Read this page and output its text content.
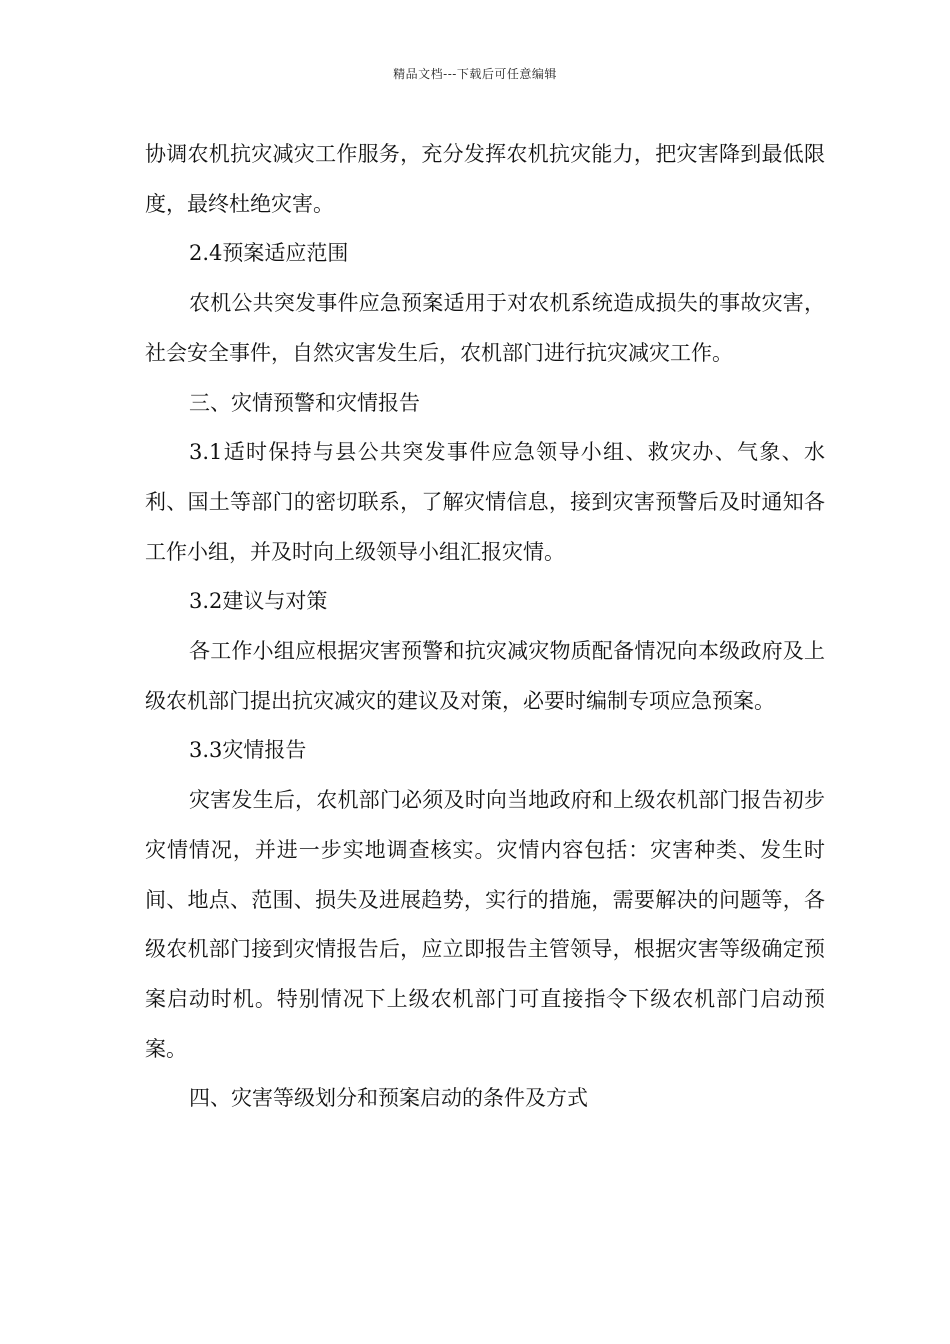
精品文档---下载后可任意编辑

协调农机抗灾减灾工作服务，充分发挥农机抗灾能力，把灾害降到最低限度，最终杜绝灾害。

2.4预案适应范围

农机公共突发事件应急预案适用于对农机系统造成损失的事故灾害，社会安全事件，自然灾害发生后，农机部门进行抗灾减灾工作。

三、灾情预警和灾情报告

3.1适时保持与县公共突发事件应急领导小组、救灾办、气象、水利、国土等部门的密切联系，了解灾情信息，接到灾害预警后及时通知各工作小组，并及时向上级领导小组汇报灾情。

3.2建议与对策

各工作小组应根据灾害预警和抗灾减灾物质配备情况向本级政府及上级农机部门提出抗灾减灾的建议及对策，必要时编制专项应急预案。

3.3灾情报告

灾害发生后，农机部门必须及时向当地政府和上级农机部门报告初步灾情情况，并进一步实地调查核实。灾情内容包括：灾害种类、发生时间、地点、范围、损失及进展趋势，实行的措施，需要解决的问题等，各级农机部门接到灾情报告后，应立即报告主管领导，根据灾害等级确定预案启动时机。特别情况下上级农机部门可直接指令下级农机部门启动预案。

四、灾害等级划分和预案启动的条件及方式
